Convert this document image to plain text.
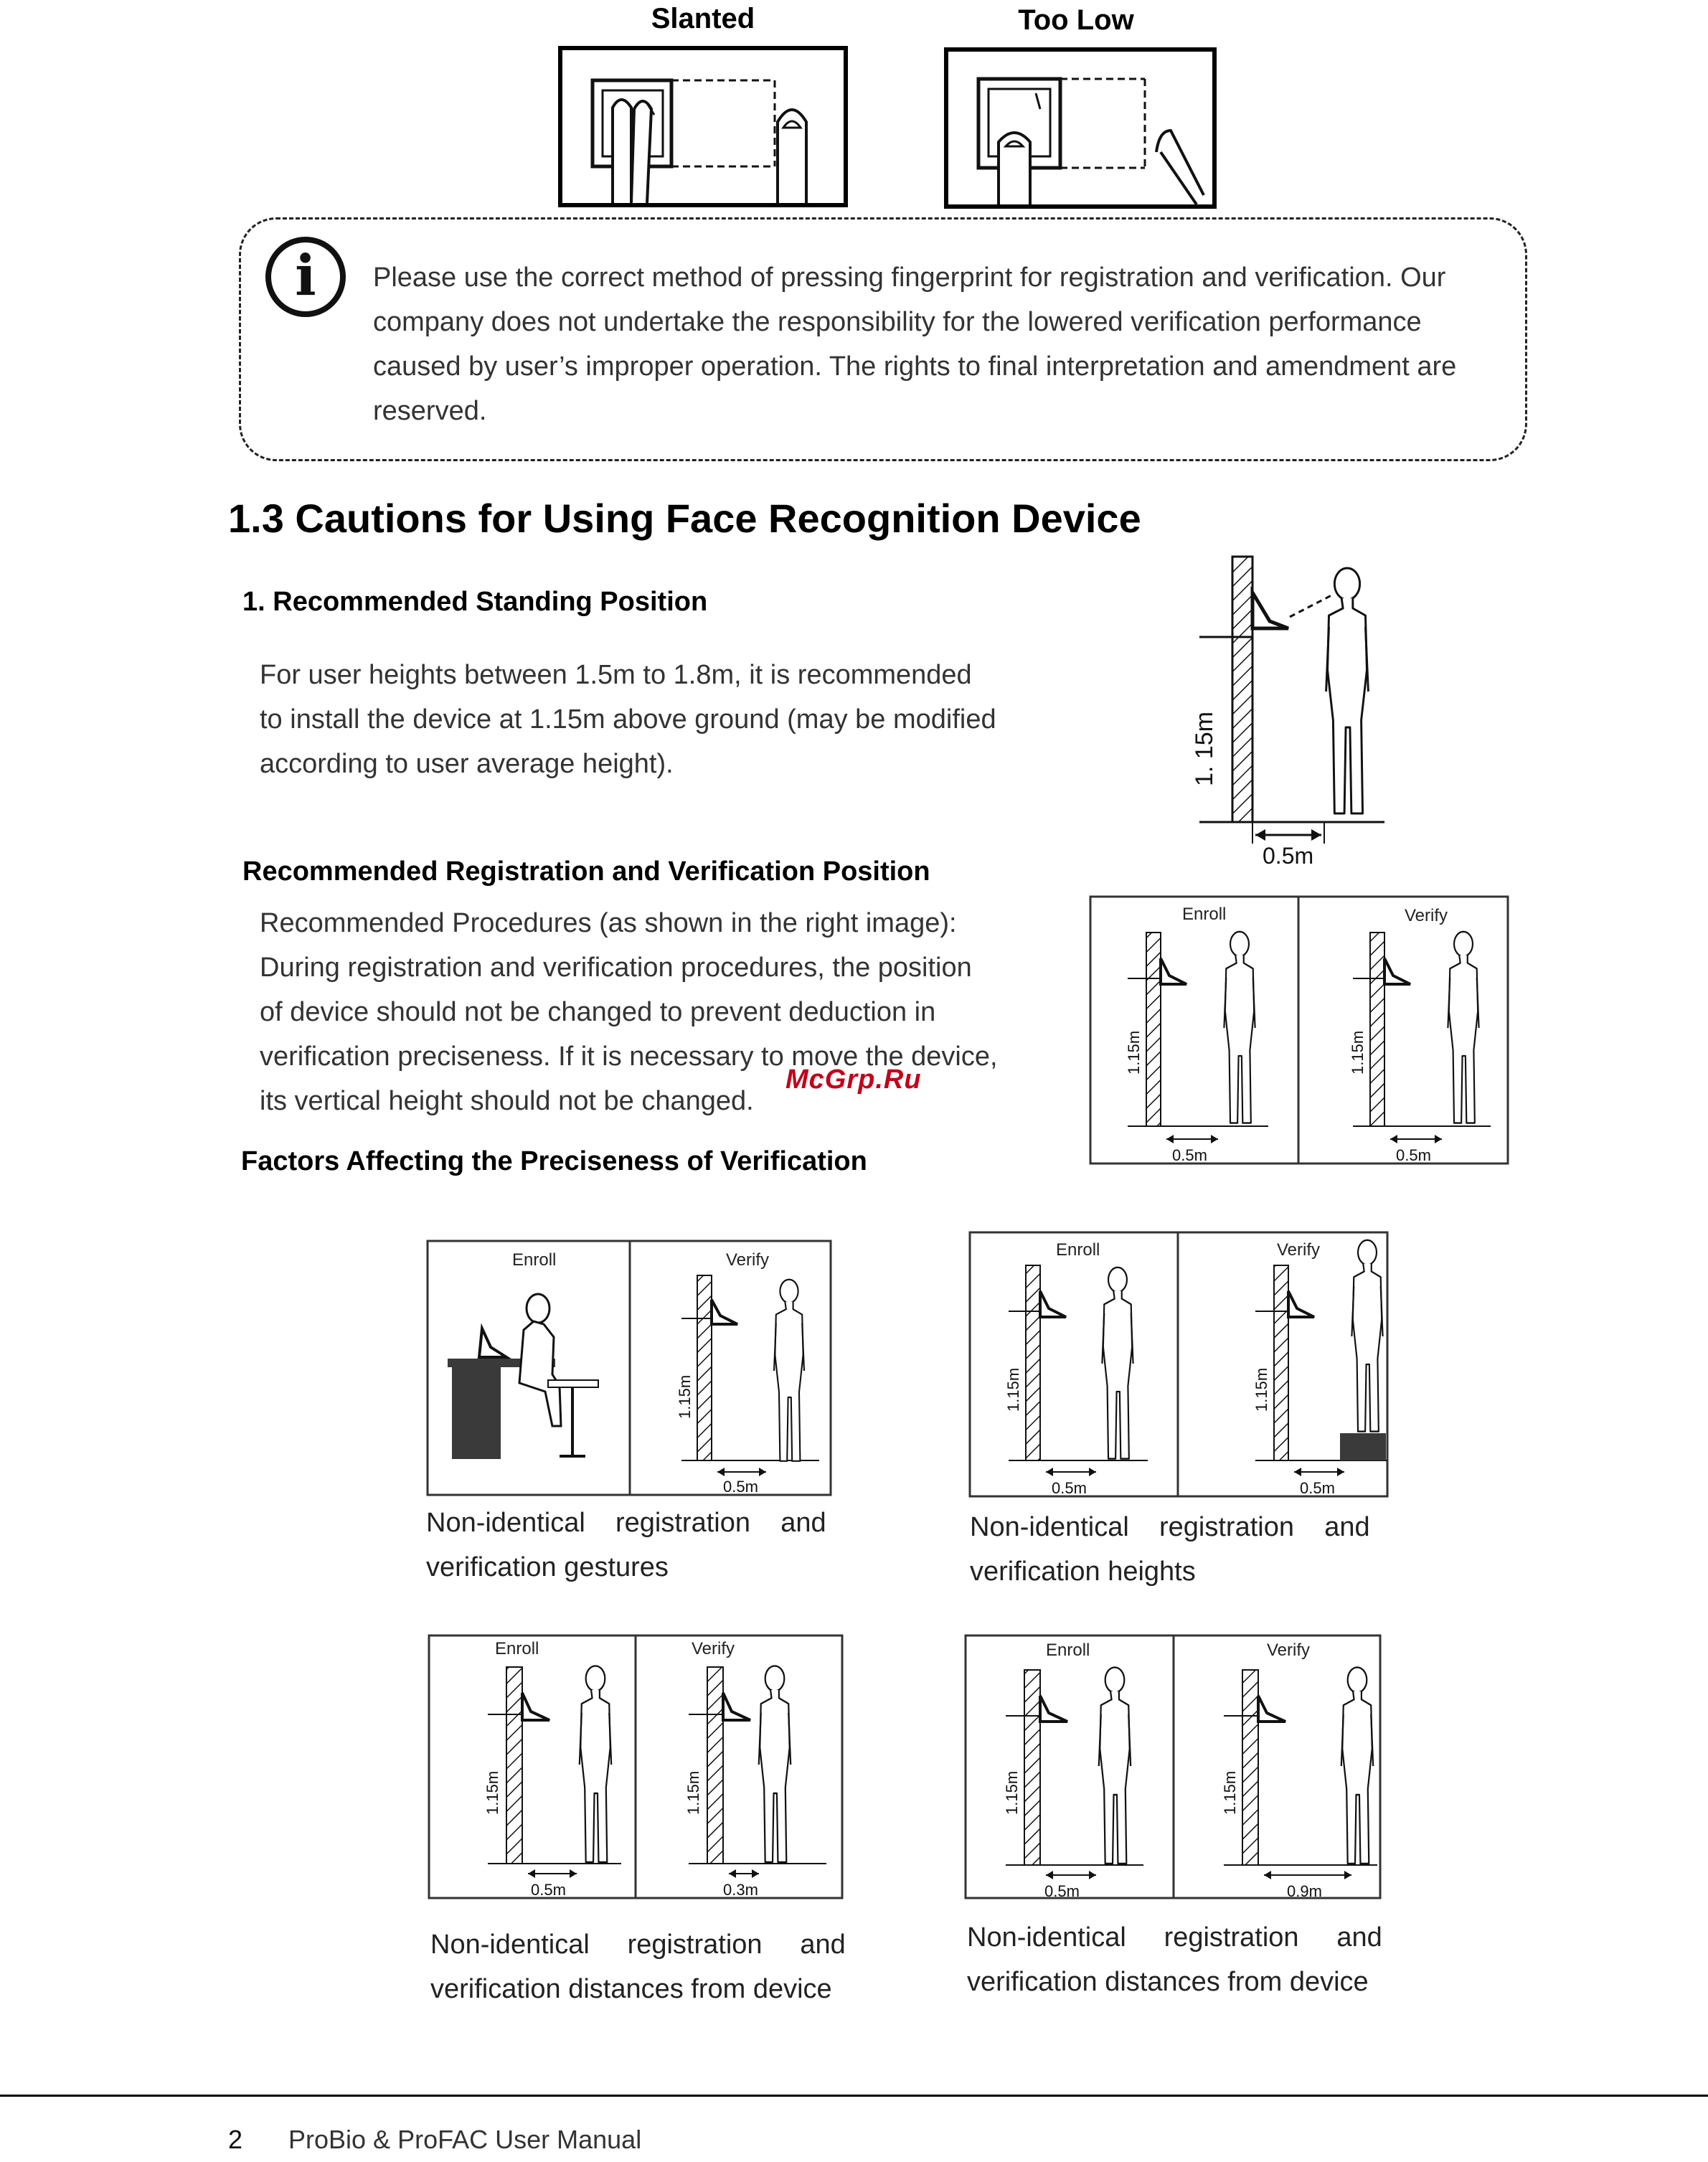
Slanted	Too Low
i	Please use the correct method of pressing fingerprint for registration and verification. Our
company does not undertake the responsibility for the lowered verification performance
caused by user’s improper operation. The rights to final interpretation and amendment are
reserved.
1.3 Cautions for Using Face Recognition Device
1. Recommended Standing Position
For user heights between 1.5m to 1.8m, it is recommended
to install the device at 1.15m above ground (may be modified
according to user average height).	1. 15m
0.5m
Recommended Registration and Verification Position
Recommended Procedures (as shown in the right image):
During registration and verification procedures, the position
of device should not be changed to prevent deduction in
verification preciseness. If it is necessary to move the device,
its vertical height should not be changed.
Enroll	Verify
1.15m
0.5m
1.15m
0.5m
McGrp.Ru
Factors Affecting the Preciseness of Verification
Enroll	Verify
1.15m
0.5m
Non-identical    registration    and
verification gestures
Enroll	Verify
1.15m
0.5m
1.15m
0.5m
Non-identical    registration    and
verification heights
Enroll	Verify
1.15m
0.5m
1.15m
0.3m
Non-identical     registration     and
verification distances from device
Enroll	Verify
1.15m
0.5m
1.15m
0.9m
Non-identical     registration     and
verification distances from device
2 ProBio & ProFAC User Manual
